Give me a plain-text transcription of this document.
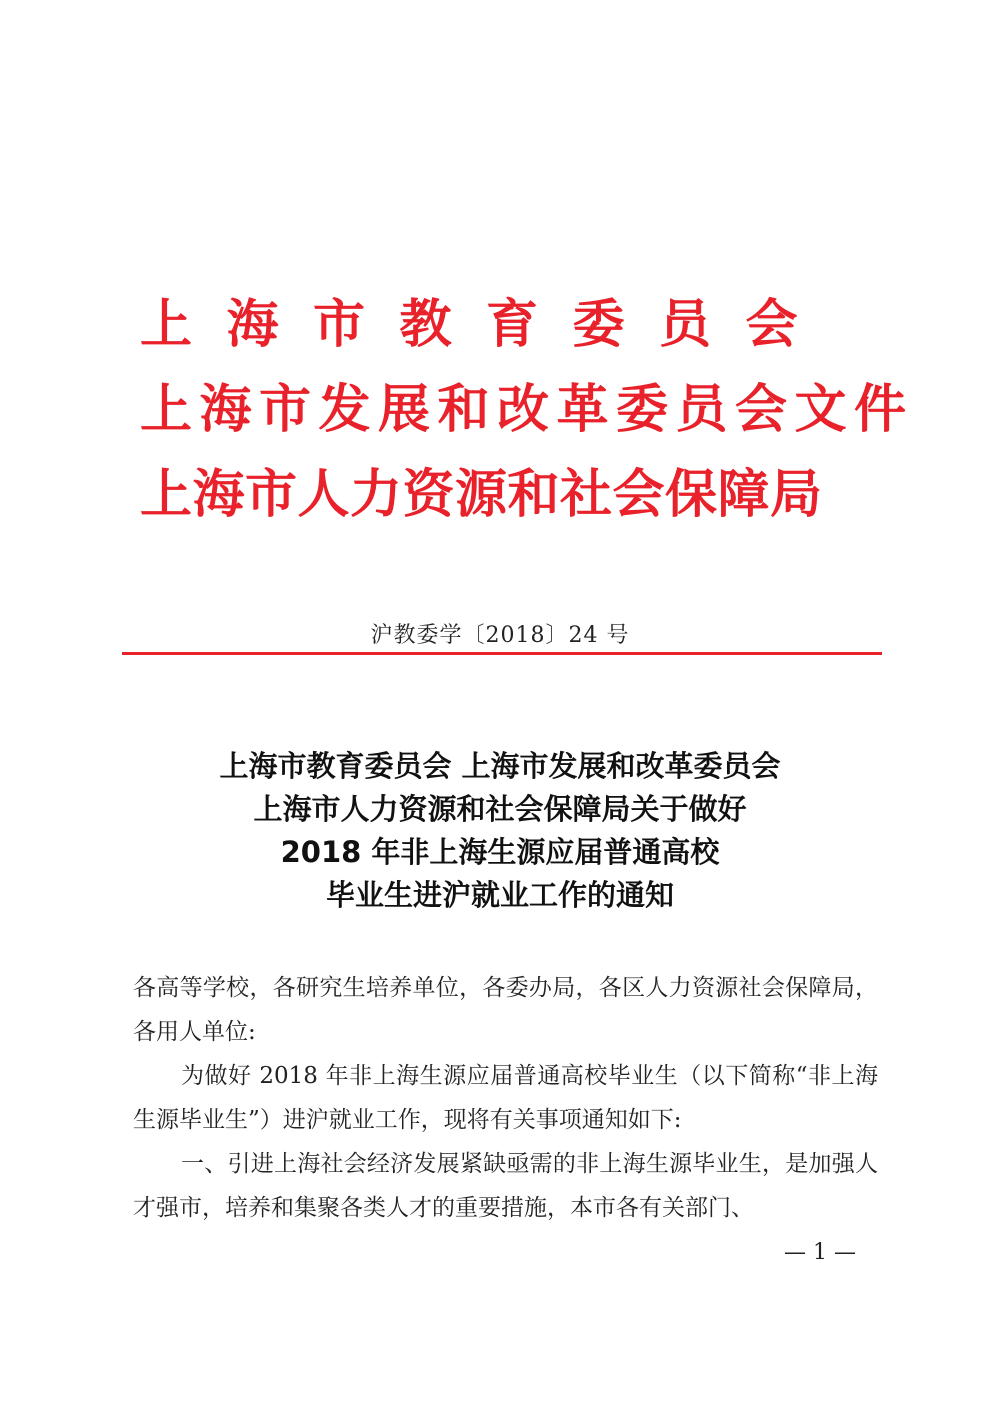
上 海 市 教 育 委 员 会
上 海 市 发 展 和 改 革 委 员 会 文 件
上 海 市 人 力 资 源 和 社 会 保 障 局
沪教委学〔2018〕24 号
上海市教育委员会 上海市发展和改革委员会
上海市人力资源和社会保障局关于做好
2018 年非上海生源应届普通高校
毕业生进沪就业工作的通知

各高等学校，各研究生培养单位，各委办局，各区人力资源社会保障局，各用人单位:

为做好 2018 年非上海生源应届普通高校毕业生（以下简称“非上海生源毕业生”）进沪就业工作，现将有关事项通知如下:

一、引进上海社会经济发展紧缺亟需的非上海生源毕业生，是加强人才强市，培养和集聚各类人才的重要措施，本市各有关部门、

— 1 —
